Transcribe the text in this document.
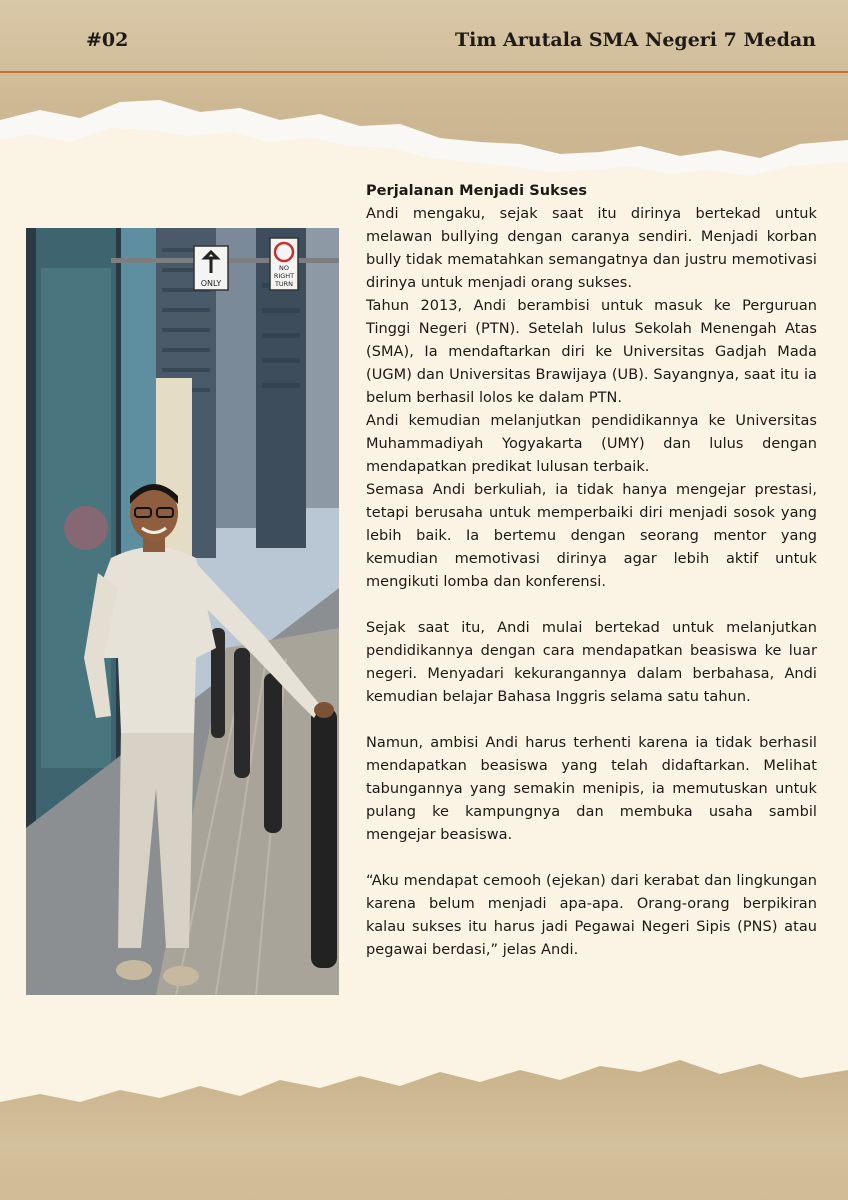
#02	Tim Arutala SMA Negeri 7 Medan
ONLY
NO
RIGHT
TURN

Perjalanan Menjadi Sukses

Andi mengaku, sejak saat itu dirinya bertekad untuk melawan bullying dengan caranya sendiri. Menjadi korban bully tidak mematahkan semangatnya dan justru memotivasi dirinya untuk menjadi orang sukses.

Tahun 2013, Andi berambisi untuk masuk ke Perguruan Tinggi Negeri (PTN). Setelah lulus Sekolah Menengah Atas (SMA), Ia mendaftarkan diri ke Universitas Gadjah Mada (UGM) dan Universitas Brawijaya (UB). Sayangnya, saat itu ia belum berhasil lolos ke dalam PTN.

Andi kemudian melanjutkan pendidikannya ke Universitas Muhammadiyah Yogyakarta (UMY) dan lulus dengan mendapatkan predikat lulusan terbaik.

Semasa Andi berkuliah, ia tidak hanya mengejar prestasi, tetapi berusaha untuk memperbaiki diri menjadi sosok yang lebih baik. Ia bertemu dengan seorang mentor yang kemudian memotivasi dirinya agar lebih aktif untuk mengikuti lomba dan konferensi.

Sejak saat itu, Andi mulai bertekad untuk melanjutkan pendidikannya dengan cara mendapatkan beasiswa ke luar negeri. Menyadari kekurangannya dalam berbahasa, Andi kemudian belajar Bahasa Inggris selama satu tahun.

Namun, ambisi Andi harus terhenti karena ia tidak berhasil mendapatkan beasiswa yang telah didaftarkan. Melihat tabungannya yang semakin menipis, ia memutuskan untuk pulang ke kampungnya dan membuka usaha sambil mengejar beasiswa.

“Aku mendapat cemooh (ejekan) dari kerabat dan lingkungan karena belum menjadi apa-apa. Orang-orang berpikiran kalau sukses itu harus jadi Pegawai Negeri Sipis (PNS) atau pegawai berdasi,” jelas Andi.
